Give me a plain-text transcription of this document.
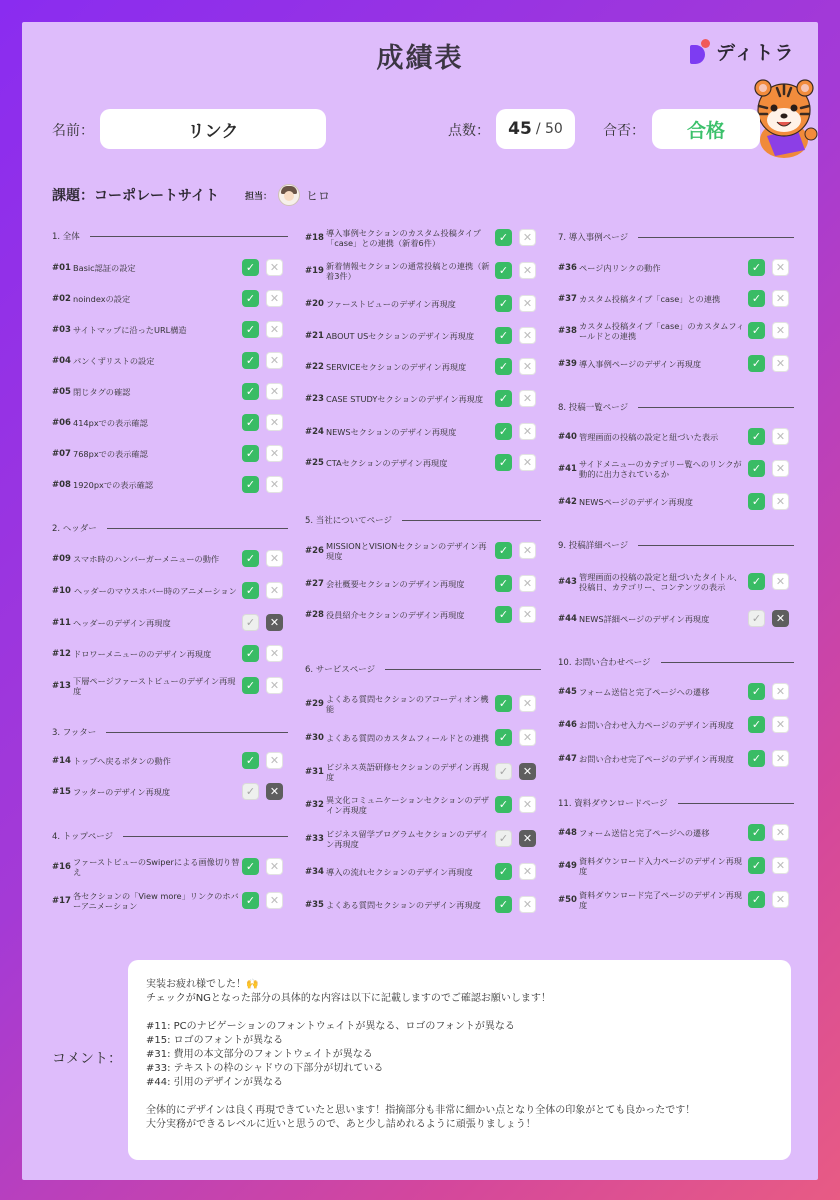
成績表	ディトラ
名前：	リンク	点数： 45 / 50	合否： 合格
課題：コーポレートサイト	担当：	ヒロ
1. 全体
#01 Basic認証の設定	✓	✕
#02 noindexの設定	✓	✕
#03 サイトマップに沿ったURL構造	✓	✕
#04 パンくずリストの設定	✓	✕
#05 閉じタグの確認	✓	✕
#06 414pxでの表示確認	✓	✕
#07 768pxでの表示確認	✓	✕
#08 1920pxでの表示確認	✓	✕
2. ヘッダー
#09 スマホ時のハンバーガーメニューの動作	✓	✕
#10 ヘッダーのマウスホバー時のアニメーション ✓	✕
#11 ヘッダーのデザイン再現度	✓	✕
#12 ドロワーメニューののデザイン再現度	✓	✕
#13 下層ページファーストビューのデザイン再現度	✓	✕
3. フッター
#14 トップへ戻るボタンの動作	✓	✕
#15 フッターのデザイン再現度	✓	✕
4. トップページ
#16 ファーストビューのSwiperによる画像切り替え	✓	✕
#17 各セクションの「View more」リンクのホバーアニメーション	✓	✕
#18 導入事例セクションのカスタム投稿タイプ「case」との連携（新着6件）	✓	✕
#19 新着情報セクションの通常投稿との連携（新着3件）	✓	✕
#20 ファーストビューのデザイン再現度	✓	✕
#21 ABOUT USセクションのデザイン再現度	✓	✕
#22 SERVICEセクションのデザイン再現度	✓	✕
#23 CASE STUDYセクションのデザイン再現度	✓	✕
#24 NEWSセクションのデザイン再現度	✓	✕
#25 CTAセクションのデザイン再現度	✓	✕
5. 当社についてページ
#26 MISSIONとVISIONセクションのデザイン再現度	✓	✕
#27 会社概要セクションのデザイン再現度	✓	✕
#28 役員紹介セクションのデザイン再現度	✓	✕
6. サービスページ
#29 よくある質問セクションのアコーディオン機能	✓	✕
#30 よくある質問のカスタムフィールドとの連携 ✓	✕
#31 ビジネス英語研修セクションのデザイン再現度	✓	✕
#32 異文化コミュニケーションセクションのデザイン再現度	✓	✕
#33 ビジネス留学プログラムセクションのデザイン再現度	✓	✕
#34 導入の流れセクションのデザイン再現度	✓	✕
#35 よくある質問セクションのデザイン再現度	✓	✕
7. 導入事例ページ
#36 ページ内リンクの動作	✓	✕
#37 カスタム投稿タイプ「case」との連携	✓	✕
#38 カスタム投稿タイプ「case」のカスタムフィールドとの連携	✓	✕
#39 導入事例ページのデザイン再現度	✓	✕
8. 投稿一覧ページ
#40 管理画面の投稿の設定と紐づいた表示	✓	✕
#41 サイドメニューのカテゴリー覧へのリンクが動的に出力されているか	✓	✕
#42 NEWSページのデザイン再現度	✓	✕
9. 投稿詳細ページ
#43 管理画面の投稿の設定と紐づいたタイトル、投稿日、カテゴリー、コンテンツの表示	✓	✕
#44 NEWS詳細ページのデザイン再現度	✓	✕
10. お問い合わせページ
#45 フォーム送信と完了ページへの遷移	✓	✕
#46 お問い合わせ入力ページのデザイン再現度	✓	✕
#47 お問い合わせ完了ページのデザイン再現度	✓	✕
11. 資料ダウンロードページ
#48 フォーム送信と完了ページへの遷移	✓	✕
#49 資料ダウンロード入力ページのデザイン再現度	✓	✕
#50 資料ダウンロード完了ページのデザイン再現度	✓	✕
コメント：

実装お疲れ様でした！🙌

チェックがNGとなった部分の具体的な内容は以下に記載しますのでご確認お願いします！

#11: PCのナビゲーションのフォントウェイトが異なる、ロゴのフォントが異なる

#15: ロゴのフォントが異なる

#31: 費用の本文部分のフォントウェイトが異なる

#33: テキストの枠のシャドウの下部分が切れている

#44: 引用のデザインが異なる

全体的にデザインは良く再現できていたと思います！指摘部分も非常に細かい点となり全体の印象がとても良かったです！

大分実務ができるレベルに近いと思うので、あと少し詰めれるように頑張りましょう！
